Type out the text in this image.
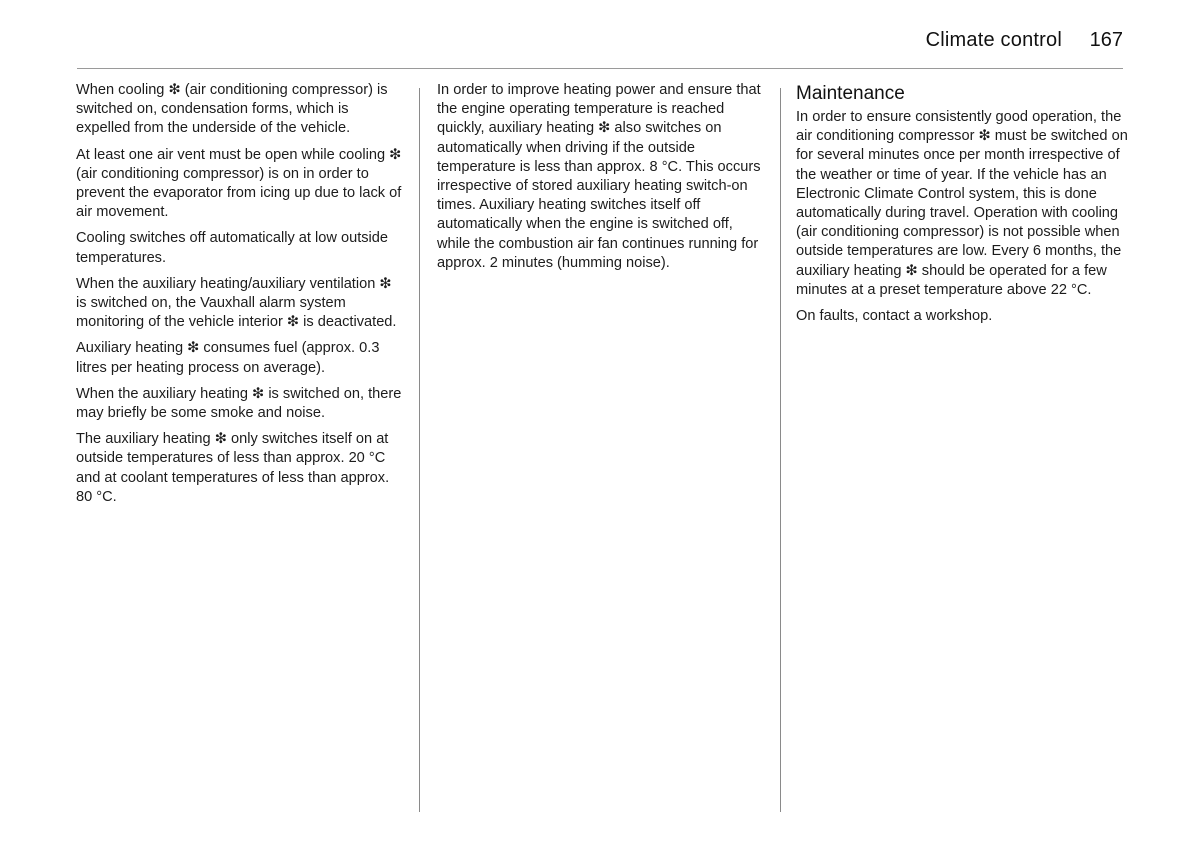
Climate control 167

When cooling ❇ (air conditioning compressor) is switched on, condensation forms, which is expelled from the underside of the vehicle.

At least one air vent must be open while cooling ❇ (air conditioning compressor) is on in order to prevent the evaporator from icing up due to lack of air movement.

Cooling switches off automatically at low outside temperatures.

When the auxiliary heating/auxiliary ventilation ❇ is switched on, the Vauxhall alarm system monitoring of the vehicle interior ❇ is deactivated.

Auxiliary heating ❇ consumes fuel (approx. 0.3 litres per heating process on average).

When the auxiliary heating ❇ is switched on, there may briefly be some smoke and noise.

The auxiliary heating ❇ only switches itself on at outside temperatures of less than approx. 20 °C and at coolant temperatures of less than approx. 80 °C.

In order to improve heating power and ensure that the engine operating temperature is reached quickly, auxiliary heating ❇ also switches on automatically when driving if the outside temperature is less than approx. 8 °C. This occurs irrespective of stored auxiliary heating switch-on times. Auxiliary heating switches itself off automatically when the engine is switched off, while the combustion air fan continues running for approx. 2 minutes (humming noise).

Maintenance

In order to ensure consistently good operation, the air conditioning compressor ❇ must be switched on for several minutes once per month irrespective of the weather or time of year. If the vehicle has an Electronic Climate Control system, this is done automatically during travel. Operation with cooling (air conditioning compressor) is not possible when outside temperatures are low. Every 6 months, the auxiliary heating ❇ should be operated for a few minutes at a preset temperature above 22 °C.

On faults, contact a workshop.
